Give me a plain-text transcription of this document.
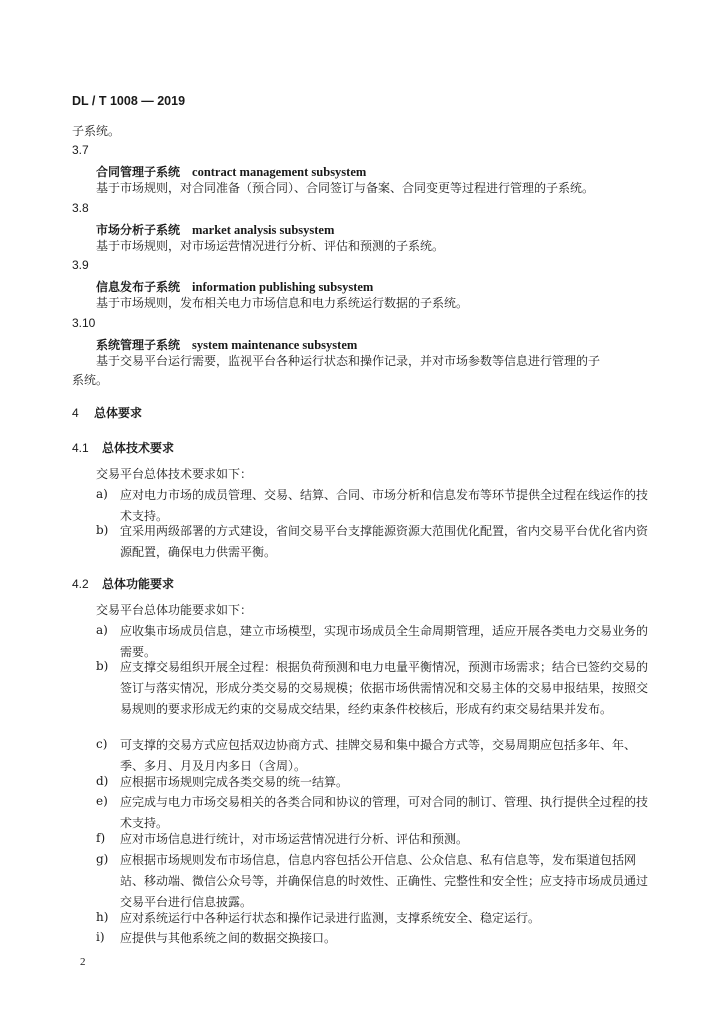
DL / T 1008 — 2019
子系统。
3.7
合同管理子系统 contract management subsystem
基于市场规则，对合同准备（预合同）、合同签订与备案、合同变更等过程进行管理的子系统。
3.8
市场分析子系统 market analysis subsystem
基于市场规则，对市场运营情况进行分析、评估和预测的子系统。
3.9
信息发布子系统 information publishing subsystem
基于市场规则，发布相关电力市场信息和电力系统运行数据的子系统。
3.10
系统管理子系统 system maintenance subsystem
基于交易平台运行需要，监视平台各种运行状态和操作记录，并对市场参数等信息进行管理的子
系统。
4 总体要求
4.1 总体技术要求
交易平台总体技术要求如下：
a) 应对电力市场的成员管理、交易、结算、合同、市场分析和信息发布等环节提供全过程在线运作的技术支持。
b) 宜采用两级部署的方式建设，省间交易平台支撑能源资源大范围优化配置，省内交易平台优化省内资源配置，确保电力供需平衡。
4.2 总体功能要求
交易平台总体功能要求如下：
a) 应收集市场成员信息，建立市场模型，实现市场成员全生命周期管理，适应开展各类电力交易业务的需要。
b) 应支撑交易组织开展全过程：根据负荷预测和电力电量平衡情况，预测市场需求；结合已签约交易的签订与落实情况，形成分类交易的交易规模；依据市场供需情况和交易主体的交易申报结果，按照交易规则的要求形成无约束的交易成交结果，经约束条件校核后，形成有约束交易结果并发布。
c) 可支撑的交易方式应包括双边协商方式、挂牌交易和集中撮合方式等，交易周期应包括多年、年、季、多月、月及月内多日（含周）。
d) 应根据市场规则完成各类交易的统一结算。
e) 应完成与电力市场交易相关的各类合同和协议的管理，可对合同的制订、管理、执行提供全过程的技术支持。
f) 应对市场信息进行统计，对市场运营情况进行分析、评估和预测。
g) 应根据市场规则发布市场信息，信息内容包括公开信息、公众信息、私有信息等，发布渠道包括网站、移动端、微信公众号等，并确保信息的时效性、正确性、完整性和安全性；应支持市场成员通过交易平台进行信息披露。
h) 应对系统运行中各种运行状态和操作记录进行监测，支撑系统安全、稳定运行。
i) 应提供与其他系统之间的数据交换接口。
2
